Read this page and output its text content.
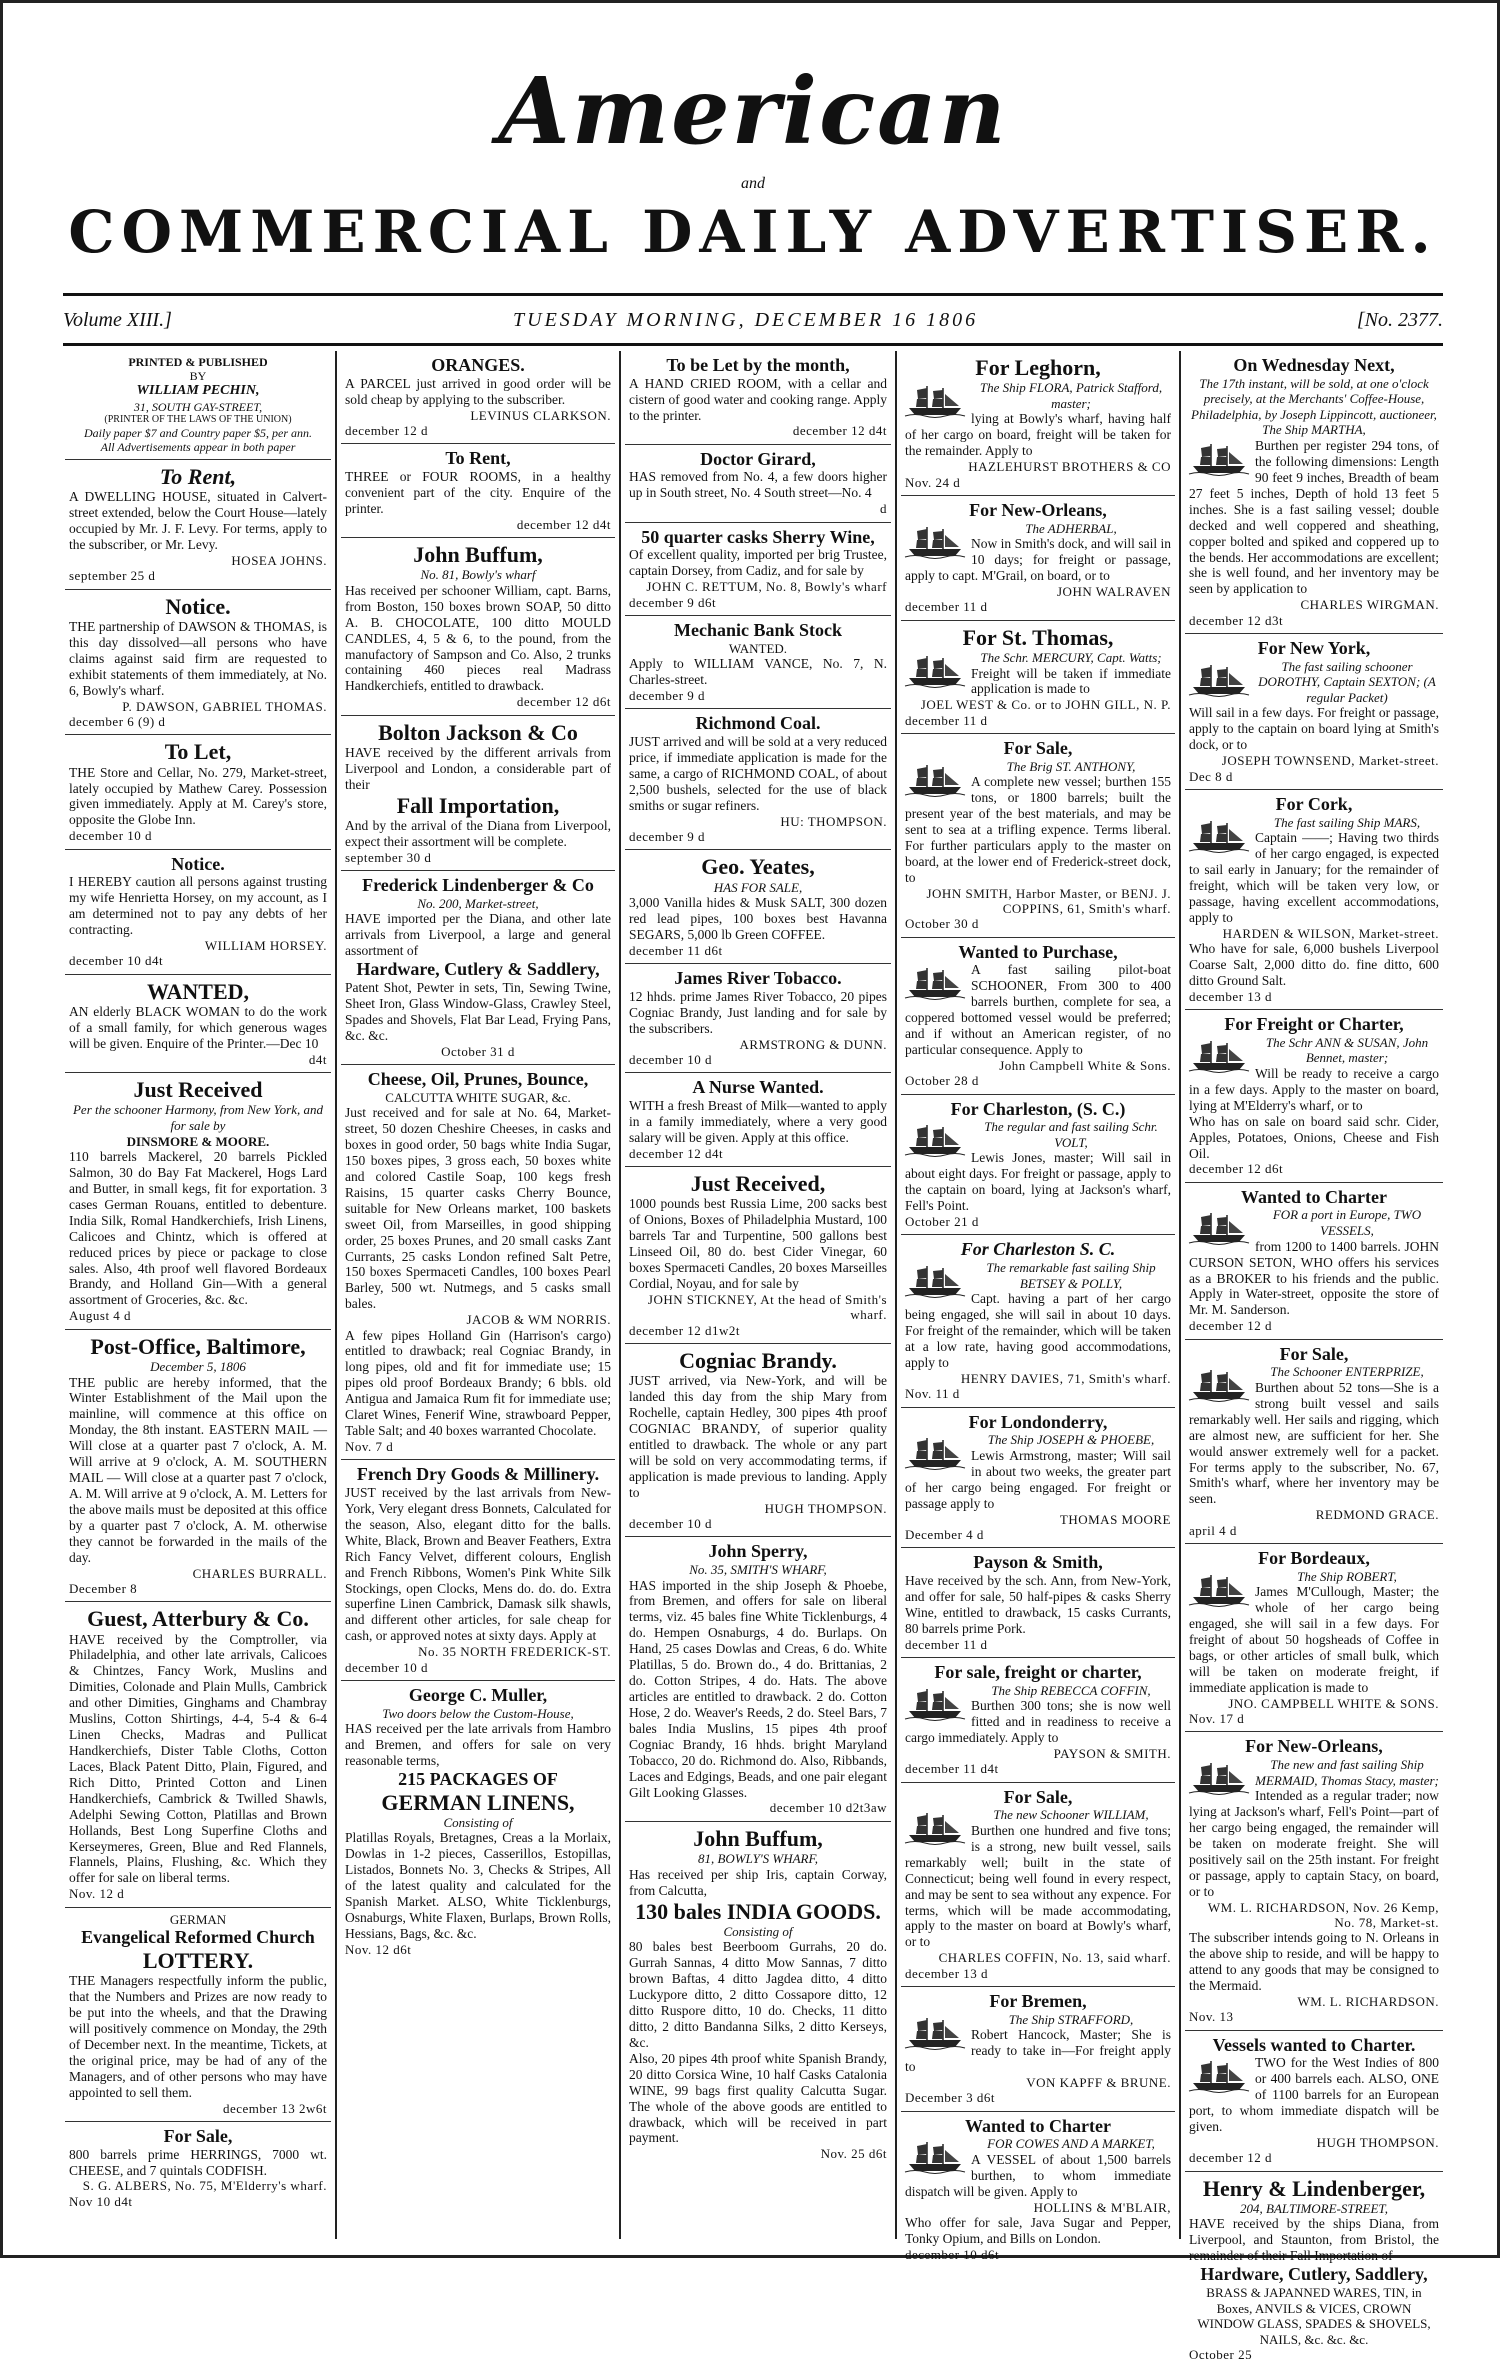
American
and
COMMERCIAL DAILY ADVERTISER.
Volume XIII.]	TUESDAY MORNING, DECEMBER 16 1806	[No. 2377.
PRINTED & PUBLISHED
BY
WILLIAM PECHIN,
31, SOUTH GAY-STREET,
(PRINTER OF THE LAWS OF THE UNION)
Daily paper $7 and Country paper $5, per ann.
All Advertisements appear in both paper
To Rent,
A DWELLING HOUSE, situated in Calvert-street extended, below the Court House—lately occupied by Mr. J. F. Levy. For terms, apply to the subscriber, or Mr. Levy.
HOSEA JOHNS.
september 25 d
Notice.
THE partnership of DAWSON & THOMAS, is this day dissolved—all persons who have claims against said firm are requested to exhibit statements of them immediately, at No. 6, Bowly's wharf.
P. DAWSON, GABRIEL THOMAS.
december 6 (9) d
To Let,
THE Store and Cellar, No. 279, Market-street, lately occupied by Mathew Carey. Possession given immediately. Apply at M. Carey's store, opposite the Globe Inn.
december 10 d
Notice.
I HEREBY caution all persons against trusting my wife Henrietta Horsey, on my account, as I am determined not to pay any debts of her contracting.
WILLIAM HORSEY.
december 10 d4t
WANTED,
AN elderly BLACK WOMAN to do the work of a small family, for which generous wages will be given. Enquire of the Printer.—Dec 10
d4t
Just Received
Per the schooner Harmony, from New York, and for sale by
DINSMORE & MOORE.
110 barrels Mackerel, 20 barrels Pickled Salmon, 30 do Bay Fat Mackerel, Hogs Lard and Butter, in small kegs, fit for exportation. 3 cases German Rouans, entitled to debenture. India Silk, Romal Handkerchiefs, Irish Linens, Calicoes and Chintz, which is offered at reduced prices by piece or package to close sales. Also, 4th proof well flavored Bordeaux Brandy, and Holland Gin—With a general assortment of Groceries, &c. &c.
August 4 d
Post-Office, Baltimore,
December 5, 1806
THE public are hereby informed, that the Winter Establishment of the Mail upon the mainline, will commence at this office on Monday, the 8th instant. EASTERN MAIL — Will close at a quarter past 7 o'clock, A. M. Will arrive at 9 o'clock, A. M. SOUTHERN MAIL — Will close at a quarter past 7 o'clock, A. M. Will arrive at 9 o'clock, A. M. Letters for the above mails must be deposited at this office by a quarter past 7 o'clock, A. M. otherwise they cannot be forwarded in the mails of the day.
CHARLES BURRALL.
December 8
Guest, Atterbury & Co.
HAVE received by the Comptroller, via Philadelphia, and other late arrivals, Calicoes & Chintzes, Fancy Work, Muslins and Dimities, Colonade and Plain Mulls, Cambrick and other Dimities, Ginghams and Chambray Muslins, Cotton Shirtings, 4-4, 5-4 & 6-4 Linen Checks, Madras and Pullicat Handkerchiefs, Dister Table Cloths, Cotton Laces, Black Patent Ditto, Plain, Figured, and Rich Ditto, Printed Cotton and Linen Handkerchiefs, Cambrick & Twilled Shawls, Adelphi Sewing Cotton, Platillas and Brown Hollands, Best Long Superfine Cloths and Kerseymeres, Green, Blue and Red Flannels, Flannels, Plains, Flushing, &c. Which they offer for sale on liberal terms.
Nov. 12 d
GERMAN
Evangelical Reformed Church
LOTTERY.
THE Managers respectfully inform the public, that the Numbers and Prizes are now ready to be put into the wheels, and that the Drawing will positively commence on Monday, the 29th of December next. In the meantime, Tickets, at the original price, may be had of any of the Managers, and of other persons who may have appointed to sell them.
december 13 2w6t
For Sale,
800 barrels prime HERRINGS, 7000 wt. CHEESE, and 7 quintals CODFISH.
S. G. ALBERS, No. 75, M'Elderry's wharf.
Nov 10 d4t
ORANGES.
A PARCEL just arrived in good order will be sold cheap by applying to the subscriber.
LEVINUS CLARKSON.
december 12 d
To Rent,
THREE or FOUR ROOMS, in a healthy convenient part of the city. Enquire of the printer.
december 12 d4t
John Buffum,
No. 81, Bowly's wharf
Has received per schooner William, capt. Barns, from Boston, 150 boxes brown SOAP, 50 ditto A. B. CHOCOLATE, 100 ditto MOULD CANDLES, 4, 5 & 6, to the pound, from the manufactory of Sampson and Co. Also, 2 trunks containing 460 pieces real Madrass Handkerchiefs, entitled to drawback.
december 12 d6t
Bolton Jackson & Co
HAVE received by the different arrivals from Liverpool and London, a considerable part of their
Fall Importation,
And by the arrival of the Diana from Liverpool, expect their assortment will be complete.
september 30 d
Frederick Lindenberger & Co
No. 200, Market-street,
HAVE imported per the Diana, and other late arrivals from Liverpool, a large and general assortment of
Hardware, Cutlery & Saddlery,
Patent Shot, Pewter in sets, Tin, Sewing Twine, Sheet Iron, Glass Window-Glass, Crawley Steel, Spades and Shovels, Flat Bar Lead, Frying Pans, &c. &c.
October 31 d
Cheese, Oil, Prunes, Bounce,
CALCUTTA WHITE SUGAR, &c.
Just received and for sale at No. 64, Market-street, 50 dozen Cheshire Cheeses, in casks and boxes in good order, 50 bags white India Sugar, 150 boxes pipes, 3 gross each, 50 boxes white and colored Castile Soap, 100 kegs fresh Raisins, 15 quarter casks Cherry Bounce, suitable for New Orleans market, 100 baskets sweet Oil, from Marseilles, in good shipping order, 25 boxes Prunes, and 20 small casks Zant Currants, 25 casks London refined Salt Petre, 150 boxes Spermaceti Candles, 100 boxes Pearl Barley, 500 wt. Nutmegs, and 5 casks small bales.
JACOB & WM NORRIS.
A few pipes Holland Gin (Harrison's cargo) entitled to drawback; real Cogniac Brandy, in long pipes, old and fit for immediate use; 15 pipes old proof Bordeaux Brandy; 6 bbls. old Antigua and Jamaica Rum fit for immediate use; Claret Wines, Fenerif Wine, strawboard Pepper, Table Salt; and 40 boxes warranted Chocolate.
Nov. 7 d
French Dry Goods & Millinery.
JUST received by the last arrivals from New-York, Very elegant dress Bonnets, Calculated for the season, Also, elegant ditto for the balls. White, Black, Brown and Beaver Feathers, Extra Rich Fancy Velvet, different colours, English and French Ribbons, Women's Pink White Silk Stockings, open Clocks, Mens do. do. do. Extra superfine Linen Cambrick, Damask silk shawls, and different other articles, for sale cheap for cash, or approved notes at sixty days. Apply at
No. 35 NORTH FREDERICK-ST.
december 10 d
George C. Muller,
Two doors below the Custom-House,
HAS received per the late arrivals from Hambro and Bremen, and offers for sale on very reasonable terms,
215 PACKAGES OF
GERMAN LINENS,
Consisting of
Platillas Royals, Bretagnes, Creas a la Morlaix, Dowlas in 1-2 pieces, Casserillos, Estopillas, Listados, Bonnets No. 3, Checks & Stripes, All of the latest quality and calculated for the Spanish Market. ALSO, White Ticklenburgs, Osnaburgs, White Flaxen, Burlaps, Brown Rolls, Hessians, Bags, &c. &c.
Nov. 12 d6t
To be Let by the month,
A HAND CRIED ROOM, with a cellar and cistern of good water and cooking range. Apply to the printer.
december 12 d4t
Doctor Girard,
HAS removed from No. 4, a few doors higher up in South street, No. 4 South street—No. 4
d
50 quarter casks Sherry Wine,
Of excellent quality, imported per brig Trustee, captain Dorsey, from Cadiz, and for sale by
JOHN C. RETTUM, No. 8, Bowly's wharf
december 9 d6t
Mechanic Bank Stock
WANTED.
Apply to WILLIAM VANCE, No. 7, N. Charles-street.
december 9 d
Richmond Coal.
JUST arrived and will be sold at a very reduced price, if immediate application is made for the same, a cargo of RICHMOND COAL, of about 2,500 bushels, selected for the use of black smiths or sugar refiners.
HU: THOMPSON.
december 9 d
Geo. Yeates,
HAS FOR SALE,
3,000 Vanilla hides & Musk SALT, 300 dozen red lead pipes, 100 boxes best Havanna SEGARS, 5,000 lb Green COFFEE.
december 11 d6t
James River Tobacco.
12 hhds. prime James River Tobacco, 20 pipes Cogniac Brandy, Just landing and for sale by the subscribers.
ARMSTRONG & DUNN.
december 10 d
A Nurse Wanted.
WITH a fresh Breast of Milk—wanted to apply in a family immediately, where a very good salary will be given. Apply at this office.
december 12 d4t
Just Received,
1000 pounds best Russia Lime, 200 sacks best of Onions, Boxes of Philadelphia Mustard, 100 barrels Tar and Turpentine, 500 gallons best Linseed Oil, 80 do. best Cider Vinegar, 60 boxes Spermaceti Candles, 20 boxes Marseilles Cordial, Noyau, and for sale by
JOHN STICKNEY, At the head of Smith's wharf.
december 12 d1w2t
Cogniac Brandy.
JUST arrived, via New-York, and will be landed this day from the ship Mary from Rochelle, captain Hedley, 300 pipes 4th proof COGNIAC BRANDY, of superior quality entitled to drawback. The whole or any part will be sold on very accommodating terms, if application is made previous to landing. Apply to
HUGH THOMPSON.
december 10 d
John Sperry,
No. 35, SMITH'S WHARF,
HAS imported in the ship Joseph & Phoebe, from Bremen, and offers for sale on liberal terms, viz. 45 bales fine White Ticklenburgs, 4 do. Hempen Osnaburgs, 4 do. Burlaps. On Hand, 25 cases Dowlas and Creas, 6 do. White Platillas, 5 do. Brown do., 4 do. Brittanias, 2 do. Cotton Stripes, 4 do. Hats. The above articles are entitled to drawback. 2 do. Cotton Hose, 2 do. Weaver's Reeds, 2 do. Steel Bars, 7 bales India Muslins, 15 pipes 4th proof Cogniac Brandy, 16 hhds. bright Maryland Tobacco, 20 do. Richmond do. Also, Ribbands, Laces and Edgings, Beads, and one pair elegant Gilt Looking Glasses.
december 10 d2t3aw
John Buffum,
81, BOWLY'S WHARF,
Has received per ship Iris, captain Corway, from Calcutta,
130 bales INDIA GOODS.
Consisting of
80 bales best Beerboom Gurrahs, 20 do. Gurrah Sannas, 4 ditto Mow Sannas, 7 ditto brown Baftas, 4 ditto Jagdea ditto, 4 ditto Luckypore ditto, 2 ditto Cossapore ditto, 12 ditto Ruspore ditto, 10 do. Checks, 11 ditto ditto, 2 ditto Bandanna Silks, 2 ditto Kerseys, &c.
Also, 20 pipes 4th proof white Spanish Brandy, 20 ditto Corsica Wine, 10 half Casks Catalonia WINE, 99 bags first quality Calcutta Sugar. The whole of the above goods are entitled to drawback, which will be received in part payment.
Nov. 25 d6t
For Leghorn,
The Ship FLORA, Patrick Stafford, master;
lying at Bowly's wharf, having half of her cargo on board, freight will be taken for the remainder. Apply to
HAZLEHURST BROTHERS & CO
Nov. 24 d
For New-Orleans,
The ADHERBAL,
Now in Smith's dock, and will sail in 10 days; for freight or passage, apply to capt. M'Grail, on board, or to
JOHN WALRAVEN
december 11 d
For St. Thomas,
The Schr. MERCURY, Capt. Watts;
Freight will be taken if immediate application is made to
JOEL WEST & Co. or to JOHN GILL, N. P.
december 11 d
For Sale,
The Brig ST. ANTHONY,
A complete new vessel; burthen 155 tons, or 1800 barrels; built the present year of the best materials, and may be sent to sea at a trifling expence. Terms liberal. For further particulars apply to the master on board, at the lower end of Frederick-street dock, to
JOHN SMITH, Harbor Master, or BENJ. J. COPPINS, 61, Smith's wharf.
October 30 d
Wanted to Purchase,
A fast sailing pilot-boat SCHOONER, From 300 to 400 barrels burthen, complete for sea, a coppered bottomed vessel would be preferred; and if without an American register, of no particular consequence. Apply to
John Campbell White & Sons.
October 28 d
For Charleston, (S. C.)
The regular and fast sailing Schr. VOLT,
Lewis Jones, master; Will sail in about eight days. For freight or passage, apply to the captain on board, lying at Jackson's wharf, Fell's Point.
October 21 d
For Charleston S. C.
The remarkable fast sailing Ship BETSEY & POLLY,
Capt. having a part of her cargo being engaged, she will sail in about 10 days. For freight of the remainder, which will be taken at a low rate, having good accommodations, apply to
HENRY DAVIES, 71, Smith's wharf.
Nov. 11 d
For Londonderry,
The Ship JOSEPH & PHOEBE,
Lewis Armstrong, master; Will sail in about two weeks, the greater part of her cargo being engaged. For freight or passage apply to
THOMAS MOORE
December 4 d
Payson & Smith,
Have received by the sch. Ann, from New-York, and offer for sale, 50 half-pipes & casks Sherry Wine, entitled to drawback, 15 casks Currants, 80 barrels prime Pork.
december 11 d
For sale, freight or charter,
The Ship REBECCA COFFIN,
Burthen 300 tons; she is now well fitted and in readiness to receive a cargo immediately. Apply to
PAYSON & SMITH.
december 11 d4t
For Sale,
The new Schooner WILLIAM,
Burthen one hundred and five tons; is a strong, new built vessel, sails remarkably well; built in the state of Connecticut; being well found in every respect, and may be sent to sea without any expence. For terms, which will be made accommodating, apply to the master on board at Bowly's wharf, or to
CHARLES COFFIN, No. 13, said wharf.
december 13 d
For Bremen,
The Ship STRAFFORD,
Robert Hancock, Master; She is ready to take in—For freight apply to
VON KAPFF & BRUNE.
December 3 d6t
Wanted to Charter
FOR COWES AND A MARKET,
A VESSEL of about 1,500 barrels burthen, to whom immediate dispatch will be given. Apply to
HOLLINS & M'BLAIR,
Who offer for sale, Java Sugar and Pepper, Tonky Opium, and Bills on London.
december 10 d6t
On Wednesday Next,
The 17th instant, will be sold, at one o'clock precisely, at the Merchants' Coffee-House, Philadelphia, by Joseph Lippincott, auctioneer, The Ship MARTHA,
Burthen per register 294 tons, of the following dimensions: Length 90 feet 9 inches, Breadth of beam 27 feet 5 inches, Depth of hold 13 feet 5 inches. She is a fast sailing vessel; double decked and well coppered and sheathing, copper bolted and spiked and coppered up to the bends. Her accommodations are excellent; she is well found, and her inventory may be seen by application to
CHARLES WIRGMAN.
december 12 d3t
For New York,
The fast sailing schooner DOROTHY, Captain SEXTON; (A regular Packet)
Will sail in a few days. For freight or passage, apply to the captain on board lying at Smith's dock, or to
JOSEPH TOWNSEND, Market-street.
Dec 8 d
For Cork,
The fast sailing Ship MARS,
Captain ——; Having two thirds of her cargo engaged, is expected to sail early in January; for the remainder of freight, which will be taken very low, or passage, having excellent accommodations, apply to
HARDEN & WILSON, Market-street.
Who have for sale, 6,000 bushels Liverpool Coarse Salt, 2,000 ditto do. fine ditto, 600 ditto Ground Salt.
december 13 d
For Freight or Charter,
The Schr ANN & SUSAN, John Bennet, master;
Will be ready to receive a cargo in a few days. Apply to the master on board, lying at M'Elderry's wharf, or to
Who has on sale on board said schr. Cider, Apples, Potatoes, Onions, Cheese and Fish Oil.
december 12 d6t
Wanted to Charter
FOR a port in Europe, TWO VESSELS,
from 1200 to 1400 barrels. JOHN CURSON SETON, WHO offers his services as a BROKER to his friends and the public. Apply in Water-street, opposite the store of Mr. M. Sanderson.
december 12 d
For Sale,
The Schooner ENTERPRIZE,
Burthen about 52 tons—She is a strong built vessel and sails remarkably well. Her sails and rigging, which are almost new, are sufficient for her. She would answer extremely well for a packet. For terms apply to the subscriber, No. 67, Smith's wharf, where her inventory may be seen.
REDMOND GRACE.
april 4 d
For Bordeaux,
The Ship ROBERT,
James M'Cullough, Master; the whole of her cargo being engaged, she will sail in a few days. For freight of about 50 hogsheads of Coffee in bags, or other articles of small bulk, which will be taken on moderate freight, if immediate application is made to
JNO. CAMPBELL WHITE & SONS.
Nov. 17 d
For New-Orleans,
The new and fast sailing Ship MERMAID, Thomas Stacy, master;
Intended as a regular trader; now lying at Jackson's wharf, Fell's Point—part of her cargo being engaged, the remainder will be taken on moderate freight. She will positively sail on the 25th instant. For freight or passage, apply to captain Stacy, on board, or to
WM. L. RICHARDSON, Nov. 26 Kemp, No. 78, Market-st.
The subscriber intends going to N. Orleans in the above ship to reside, and will be happy to attend to any goods that may be consigned to the Mermaid.
WM. L. RICHARDSON.
Nov. 13
Vessels wanted to Charter.
TWO for the West Indies of 800 or 400 barrels each. ALSO, ONE of 1100 barrels for an European port, to whom immediate dispatch will be given.
HUGH THOMPSON.
december 12 d
Henry & Lindenberger,
204, BALTIMORE-STREET,
HAVE received by the ships Diana, from Liverpool, and Staunton, from Bristol, the remainder of their Fall Importation of
Hardware, Cutlery, Saddlery,
BRASS & JAPANNED WARES, TIN, in Boxes, ANVILS & VICES, CROWN WINDOW GLASS, SPADES & SHOVELS, NAILS, &c. &c. &c.
October 25
